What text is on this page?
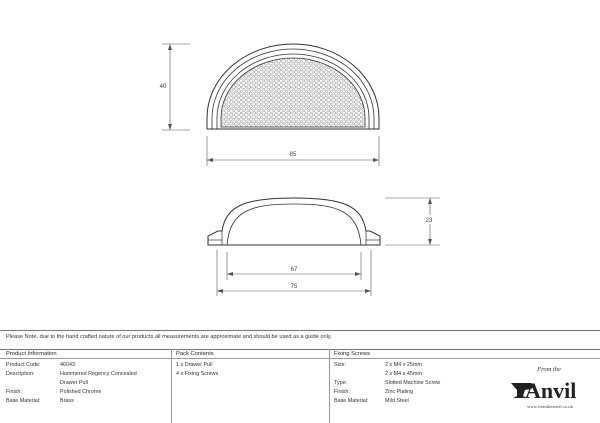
40
85
23
67
75
Please Note, due to the hand crafted nature of our products all measurements are approximate and should be used as a guide only.
Product Information
Product Code:	46043
Description:	Hammered Regency Concealed
Drawer Pull
Finish:	Polished Chrome
Base Material:	Brass
Pack Contents
1 x Drawer Pull
4 x Fixing Screws
Fixing Screws
Size:	2 x M4 x 25mm
2 x M4 x 45mm
Type:	Slotted Machine Screw
Finish:	Zinc Plating
Base Material:	Mild Steel
From the
Anvil
www.fromtheanvil.co.uk
